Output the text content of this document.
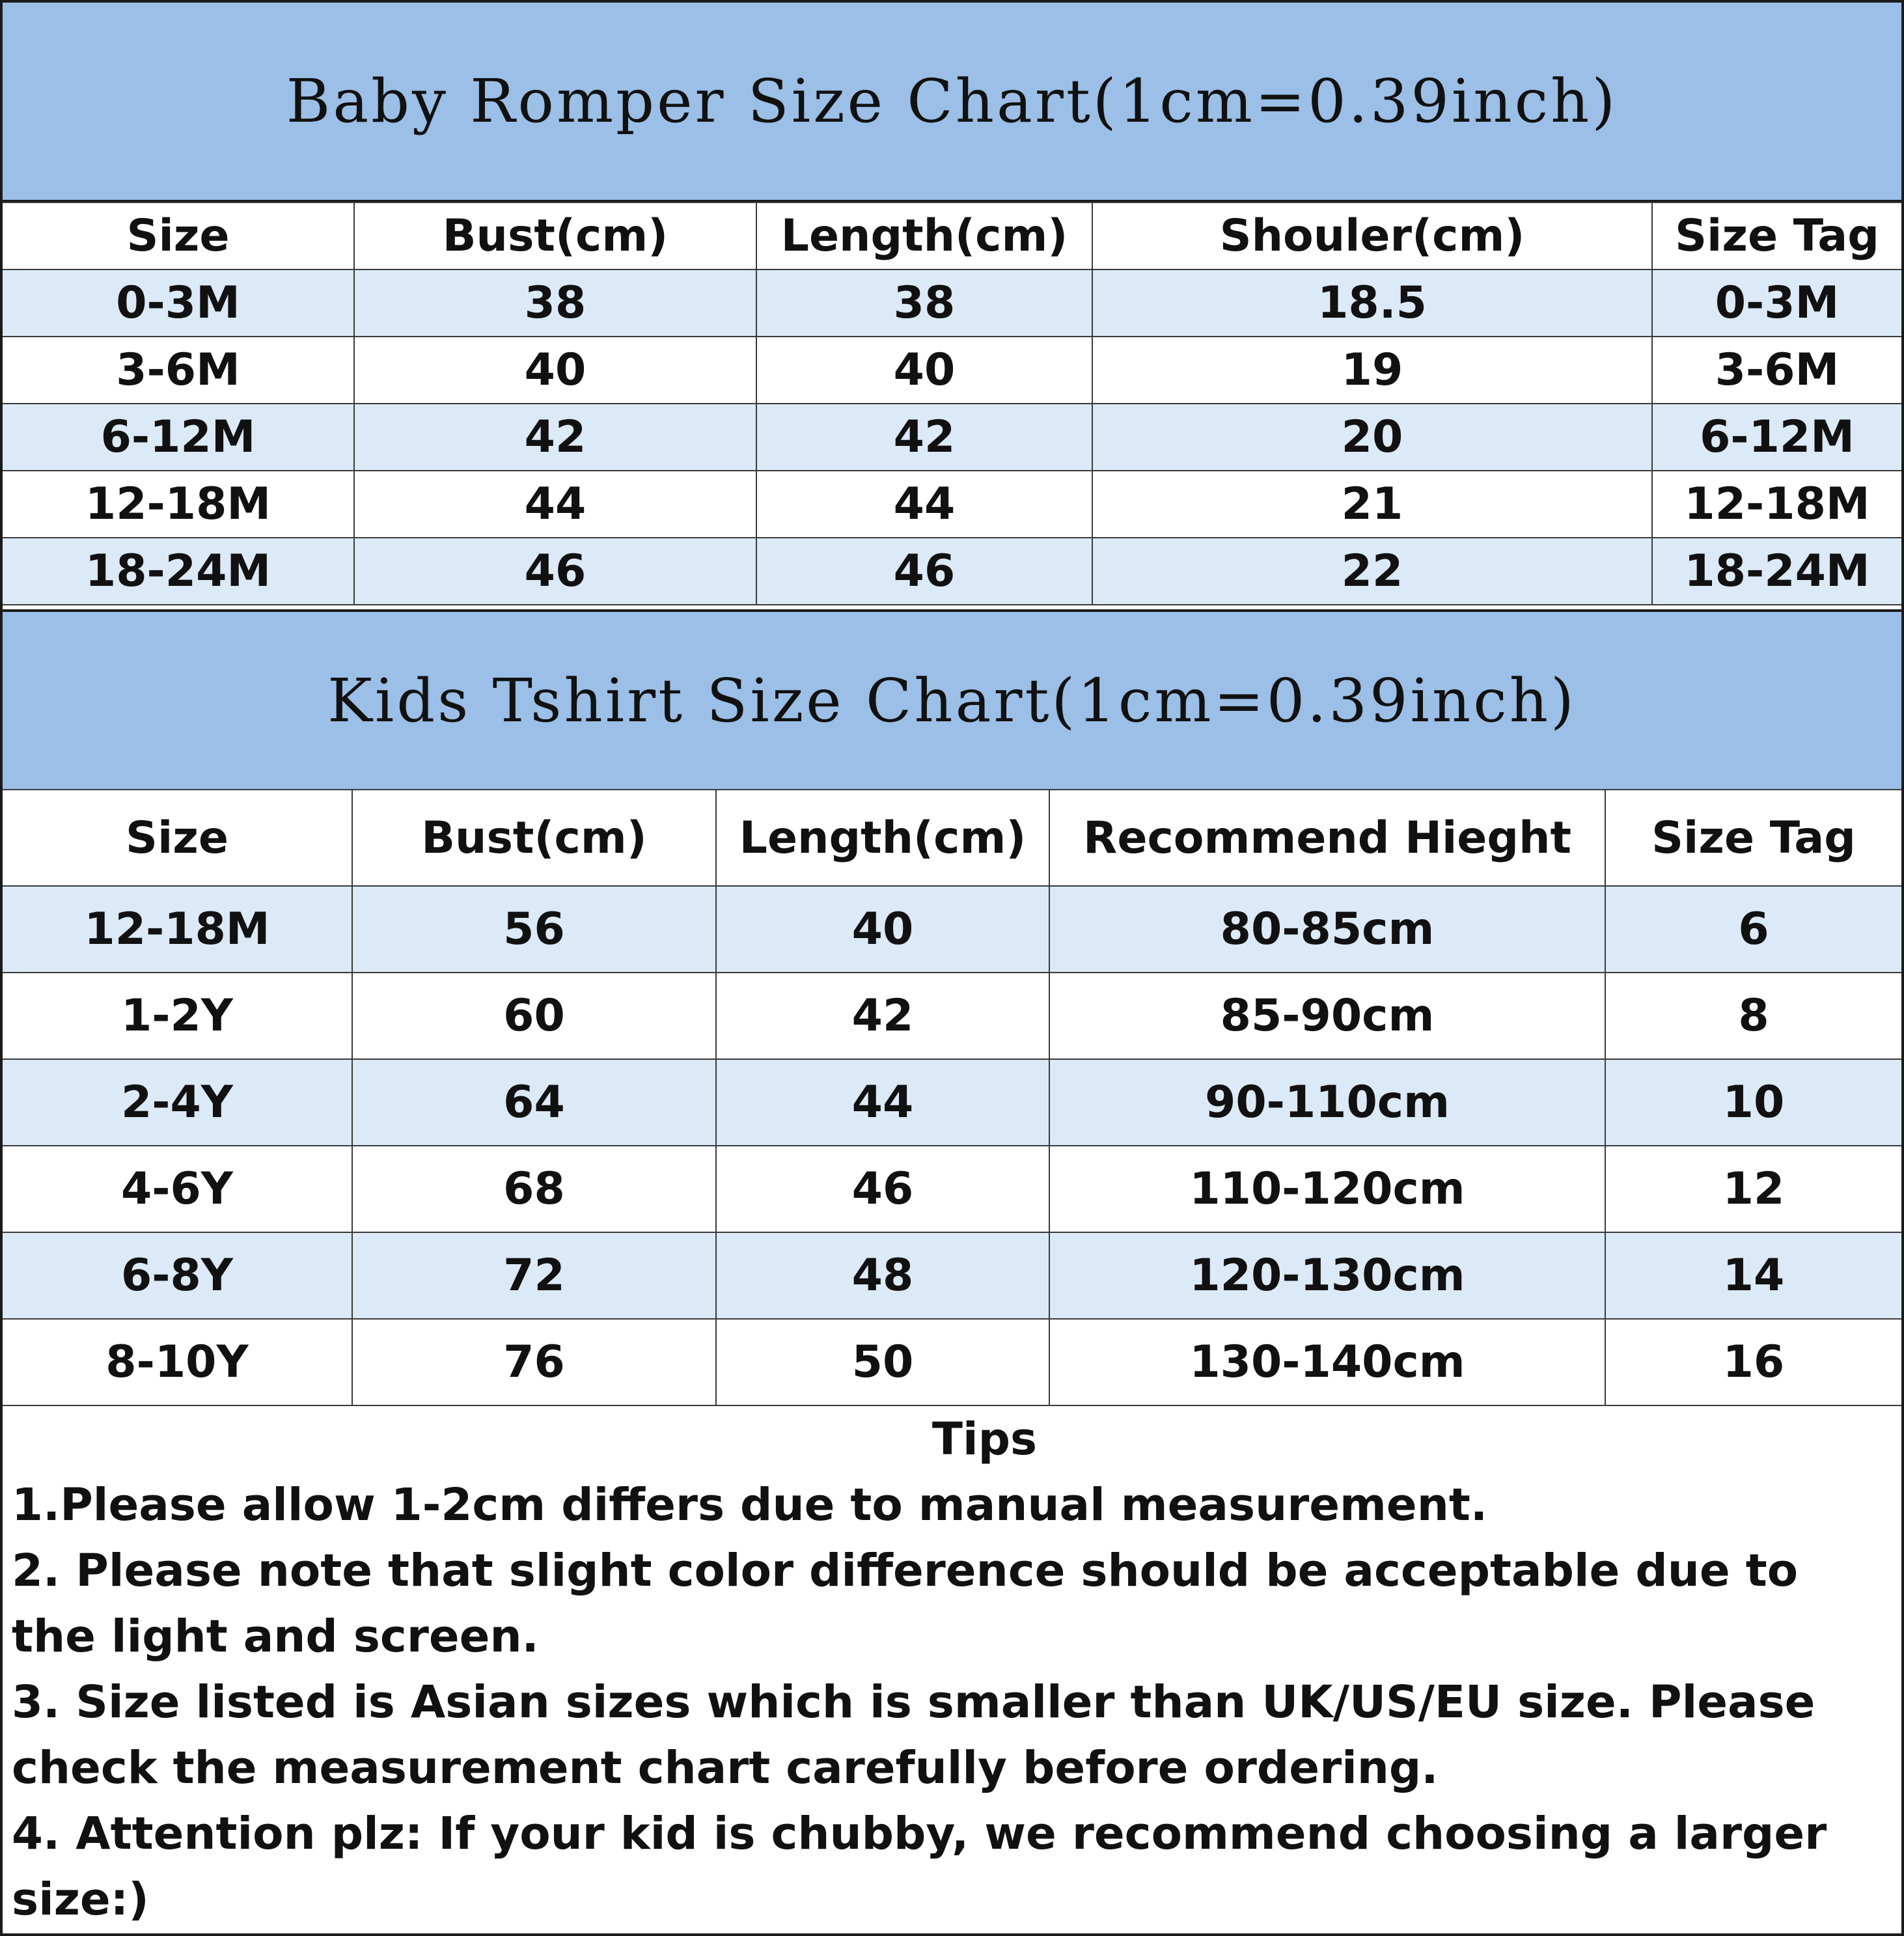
Baby Romper Size Chart(1cm=0.39inch)
Size	Bust(cm)	Length(cm)	Shouler(cm)	Size Tag
0-3M	38	38	18.5	0-3M
3-6M	40	40	19	3-6M
6-12M	42	42	20	6-12M
12-18M	44	44	21	12-18M
18-24M	46	46	22	18-24M
Kids Tshirt Size Chart(1cm=0.39inch)
Size	Bust(cm)	Length(cm)	Recommend Hieght	Size Tag
12-18M	56	40	80-85cm	6
1-2Y	60	42	85-90cm	8
2-4Y	64	44	90-110cm	10
4-6Y	68	46	110-120cm	12
6-8Y	72	48	120-130cm	14
8-10Y	76	50	130-140cm	16
Tips
1.Please allow 1-2cm differs due to manual measurement.
2. Please note that slight color difference should be acceptable due to the light and screen.
3. Size listed is Asian sizes which is smaller than UK/US/EU size. Please check the measurement chart carefully before ordering.
4. Attention plz: If your kid is chubby, we recommend choosing a larger size:)
